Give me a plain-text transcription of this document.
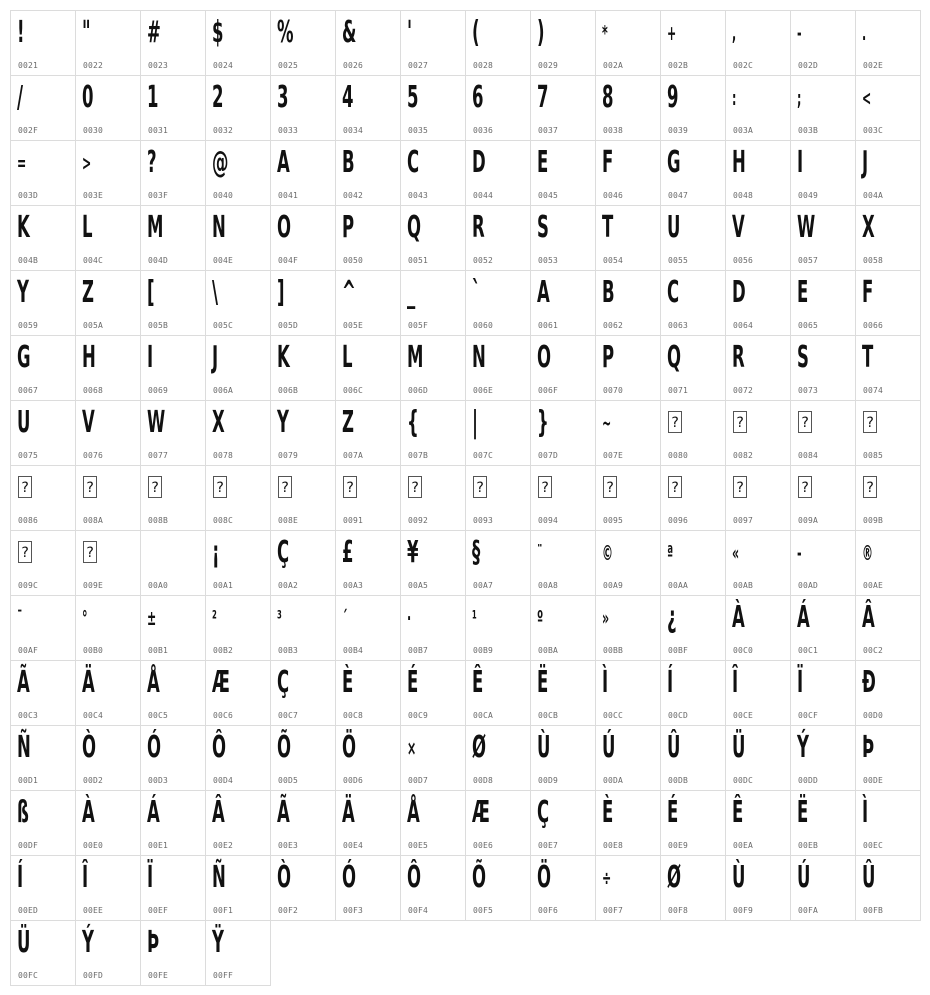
!
0021
"
0022
#
0023
$
0024
%
0025
&
0026
'
0027
(
0028
)
0029
*
002A
+
002B
,
002C
-
002D
.
002E
/
002F
0
0030
1
0031
2
0032
3
0033
4
0034
5
0035
6
0036
7
0037
8
0038
9
0039
:
003A
;
003B
<
003C
=
003D
>
003E
?
003F
@
0040
A
0041
B
0042
C
0043
D
0044
E
0045
F
0046
G
0047
H
0048
I
0049
J
004A
K
004B
L
004C
M
004D
N
004E
O
004F
P
0050
Q
0051
R
0052
S
0053
T
0054
U
0055
V
0056
W
0057
X
0058
Y
0059
Z
005A
[
005B
\
005C
]
005D
^
005E
_
005F
`
0060
A
0061
B
0062
C
0063
D
0064
E
0065
F
0066
G
0067
H
0068
I
0069
J
006A
K
006B
L
006C
M
006D
N
006E
O
006F
P
0070
Q
0071
R
0072
S
0073
T
0074
U
0075
V
0076
W
0077
X
0078
Y
0079
Z
007A
{
007B
|
007C
}
007D
~
007E
?
0080
?
0082
?
0084
?
0085
?
0086
?
008A
?
008B
?
008C
?
008E
?
0091
?
0092
?
0093
?
0094
?
0095
?
0096
?
0097
?
009A
?
009B
?
009C
?
009E	00A0
¡
00A1
Ç
00A2
£
00A3
¥
00A5
§
00A7
¨
00A8
©
00A9
ª
00AA
«
00AB
-
00AD
®
00AE
¯
00AF
°
00B0
±
00B1
²
00B2
³
00B3
´
00B4
·
00B7
¹
00B9
º
00BA
»
00BB
¿
00BF
À
00C0
Á
00C1
Â
00C2
Ã
00C3
Ä
00C4
Å
00C5
Æ
00C6
Ç
00C7
È
00C8
É
00C9
Ê
00CA
Ë
00CB
Ì
00CC
Í
00CD
Î
00CE
Ï
00CF
Ð
00D0
Ñ
00D1
Ò
00D2
Ó
00D3
Ô
00D4
Õ
00D5
Ö
00D6
×
00D7
Ø
00D8
Ù
00D9
Ú
00DA
Û
00DB
Ü
00DC
Ý
00DD
Þ
00DE
ß
00DF
À
00E0
Á
00E1
Â
00E2
Ã
00E3
Ä
00E4
Å
00E5
Æ
00E6
Ç
00E7
È
00E8
É
00E9
Ê
00EA
Ë
00EB
Ì
00EC
Í
00ED
Î
00EE
Ï
00EF
Ñ
00F1
Ò
00F2
Ó
00F3
Ô
00F4
Õ
00F5
Ö
00F6
÷
00F7
Ø
00F8
Ù
00F9
Ú
00FA
Û
00FB
Ü
00FC
Ý
00FD
Þ
00FE
Ÿ
00FF
